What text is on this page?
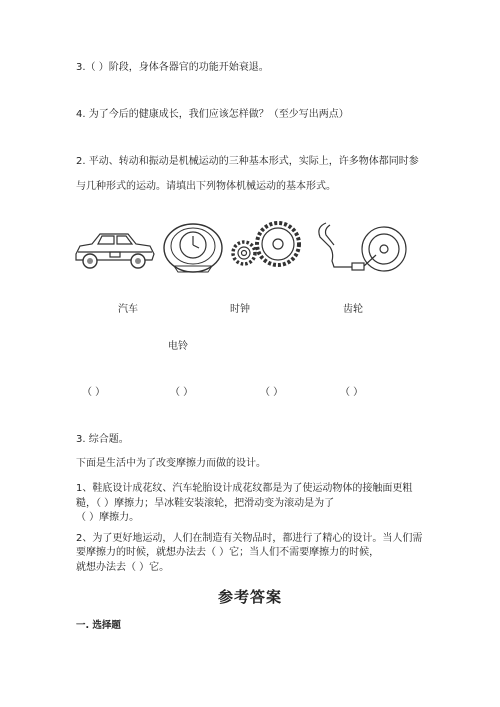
3.（ ）阶段，身体各器官的功能开始衰退。
4. 为了今后的健康成长，我们应该怎样做？（至少写出两点）
2. 平动、转动和振动是机械运动的三种基本形式，实际上，许多物体都同时参
与几种形式的运动。请填出下列物体机械运动的基本形式。
汽车	时钟	齿轮
电铃
（ ）	（ ）	（ ）	（ ）
3. 综合题。
下面是生活中为了改变摩擦力而做的设计。
1、鞋底设计成花纹、汽车轮胎设计成花纹都是为了使运动物体的接触面更粗
糙，（ ）摩擦力；旱冰鞋安装滚轮，把滑动变为滚动是为了
（ ）摩擦力。
2、为了更好地运动，人们在制造有关物品时，都进行了精心的设计。当人们需
要摩擦力的时候，就想办法去（ ）它；当人们不需要摩擦力的时候，
就想办法去（ ）它。
参考答案
一. 选择题
